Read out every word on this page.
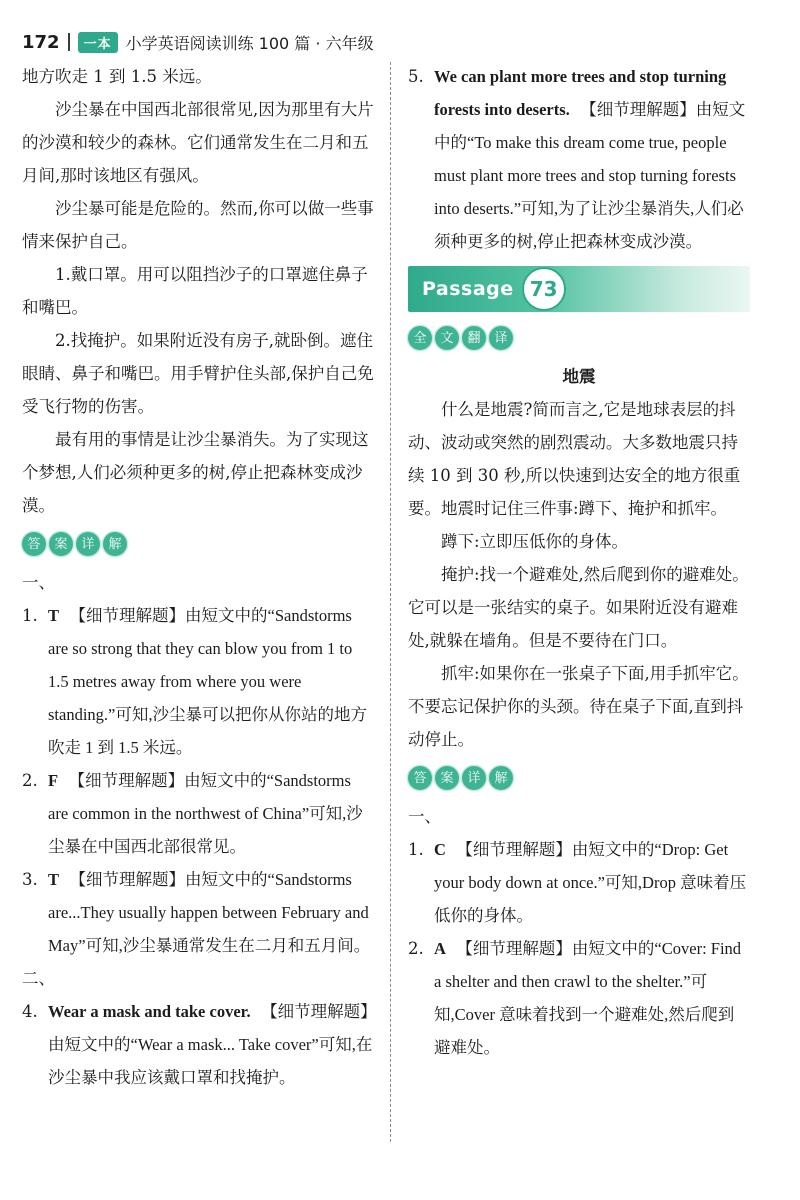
172	一本 小学英语阅读训练 100 篇 · 六年级

地方吹走 1 到 1.5 米远。

沙尘暴在中国西北部很常见,因为那里有大片的沙漠和较少的森林。它们通常发生在二月和五月间,那时该地区有强风。

沙尘暴可能是危险的。然而,你可以做一些事情来保护自己。

1.戴口罩。用可以阻挡沙子的口罩遮住鼻子和嘴巴。

2.找掩护。如果附近没有房子,就卧倒。遮住眼睛、鼻子和嘴巴。用手臂护住头部,保护自己免受飞行物的伤害。

最有用的事情是让沙尘暴消失。为了实现这个梦想,人们必须种更多的树,停止把森林变成沙漠。

答	案	详	解

一、

1. T 【细节理解题】由短文中的“Sandstorms are so strong that they can blow you from 1 to 1.5 metres away from where you were standing.”可知,沙尘暴可以把你从你站的地方吹走 1 到 1.5 米远。
2. F 【细节理解题】由短文中的“Sandstorms are common in the northwest of China”可知,沙尘暴在中国西北部很常见。
3. T 【细节理解题】由短文中的“Sandstorms are...They usually happen between February and May”可知,沙尘暴通常发生在二月和五月间。

二、

4. Wear a mask and take cover. 【细节理解题】由短文中的“Wear a mask... Take cover”可知,在沙尘暴中我应该戴口罩和找掩护。
5. We can plant more trees and stop turning forests into deserts. 【细节理解题】由短文中的“To make this dream come true, people must plant more trees and stop turning forests into deserts.”可知,为了让沙尘暴消失,人们必须种更多的树,停止把森林变成沙漠。
Passage 73
全	文	翻	译

地震

什么是地震?简而言之,它是地球表层的抖动、波动或突然的剧烈震动。大多数地震只持续 10 到 30 秒,所以快速到达安全的地方很重要。地震时记住三件事:蹲下、掩护和抓牢。

蹲下:立即压低你的身体。

掩护:找一个避难处,然后爬到你的避难处。它可以是一张结实的桌子。如果附近没有避难处,就躲在墙角。但是不要待在门口。

抓牢:如果你在一张桌子下面,用手抓牢它。不要忘记保护你的头颈。待在桌子下面,直到抖动停止。

答	案	详	解

一、

1. C 【细节理解题】由短文中的“Drop: Get your body down at once.”可知,Drop 意味着压低你的身体。
2. A 【细节理解题】由短文中的“Cover: Find a shelter and then crawl to the shelter.”可知,Cover 意味着找到一个避难处,然后爬到避难处。
